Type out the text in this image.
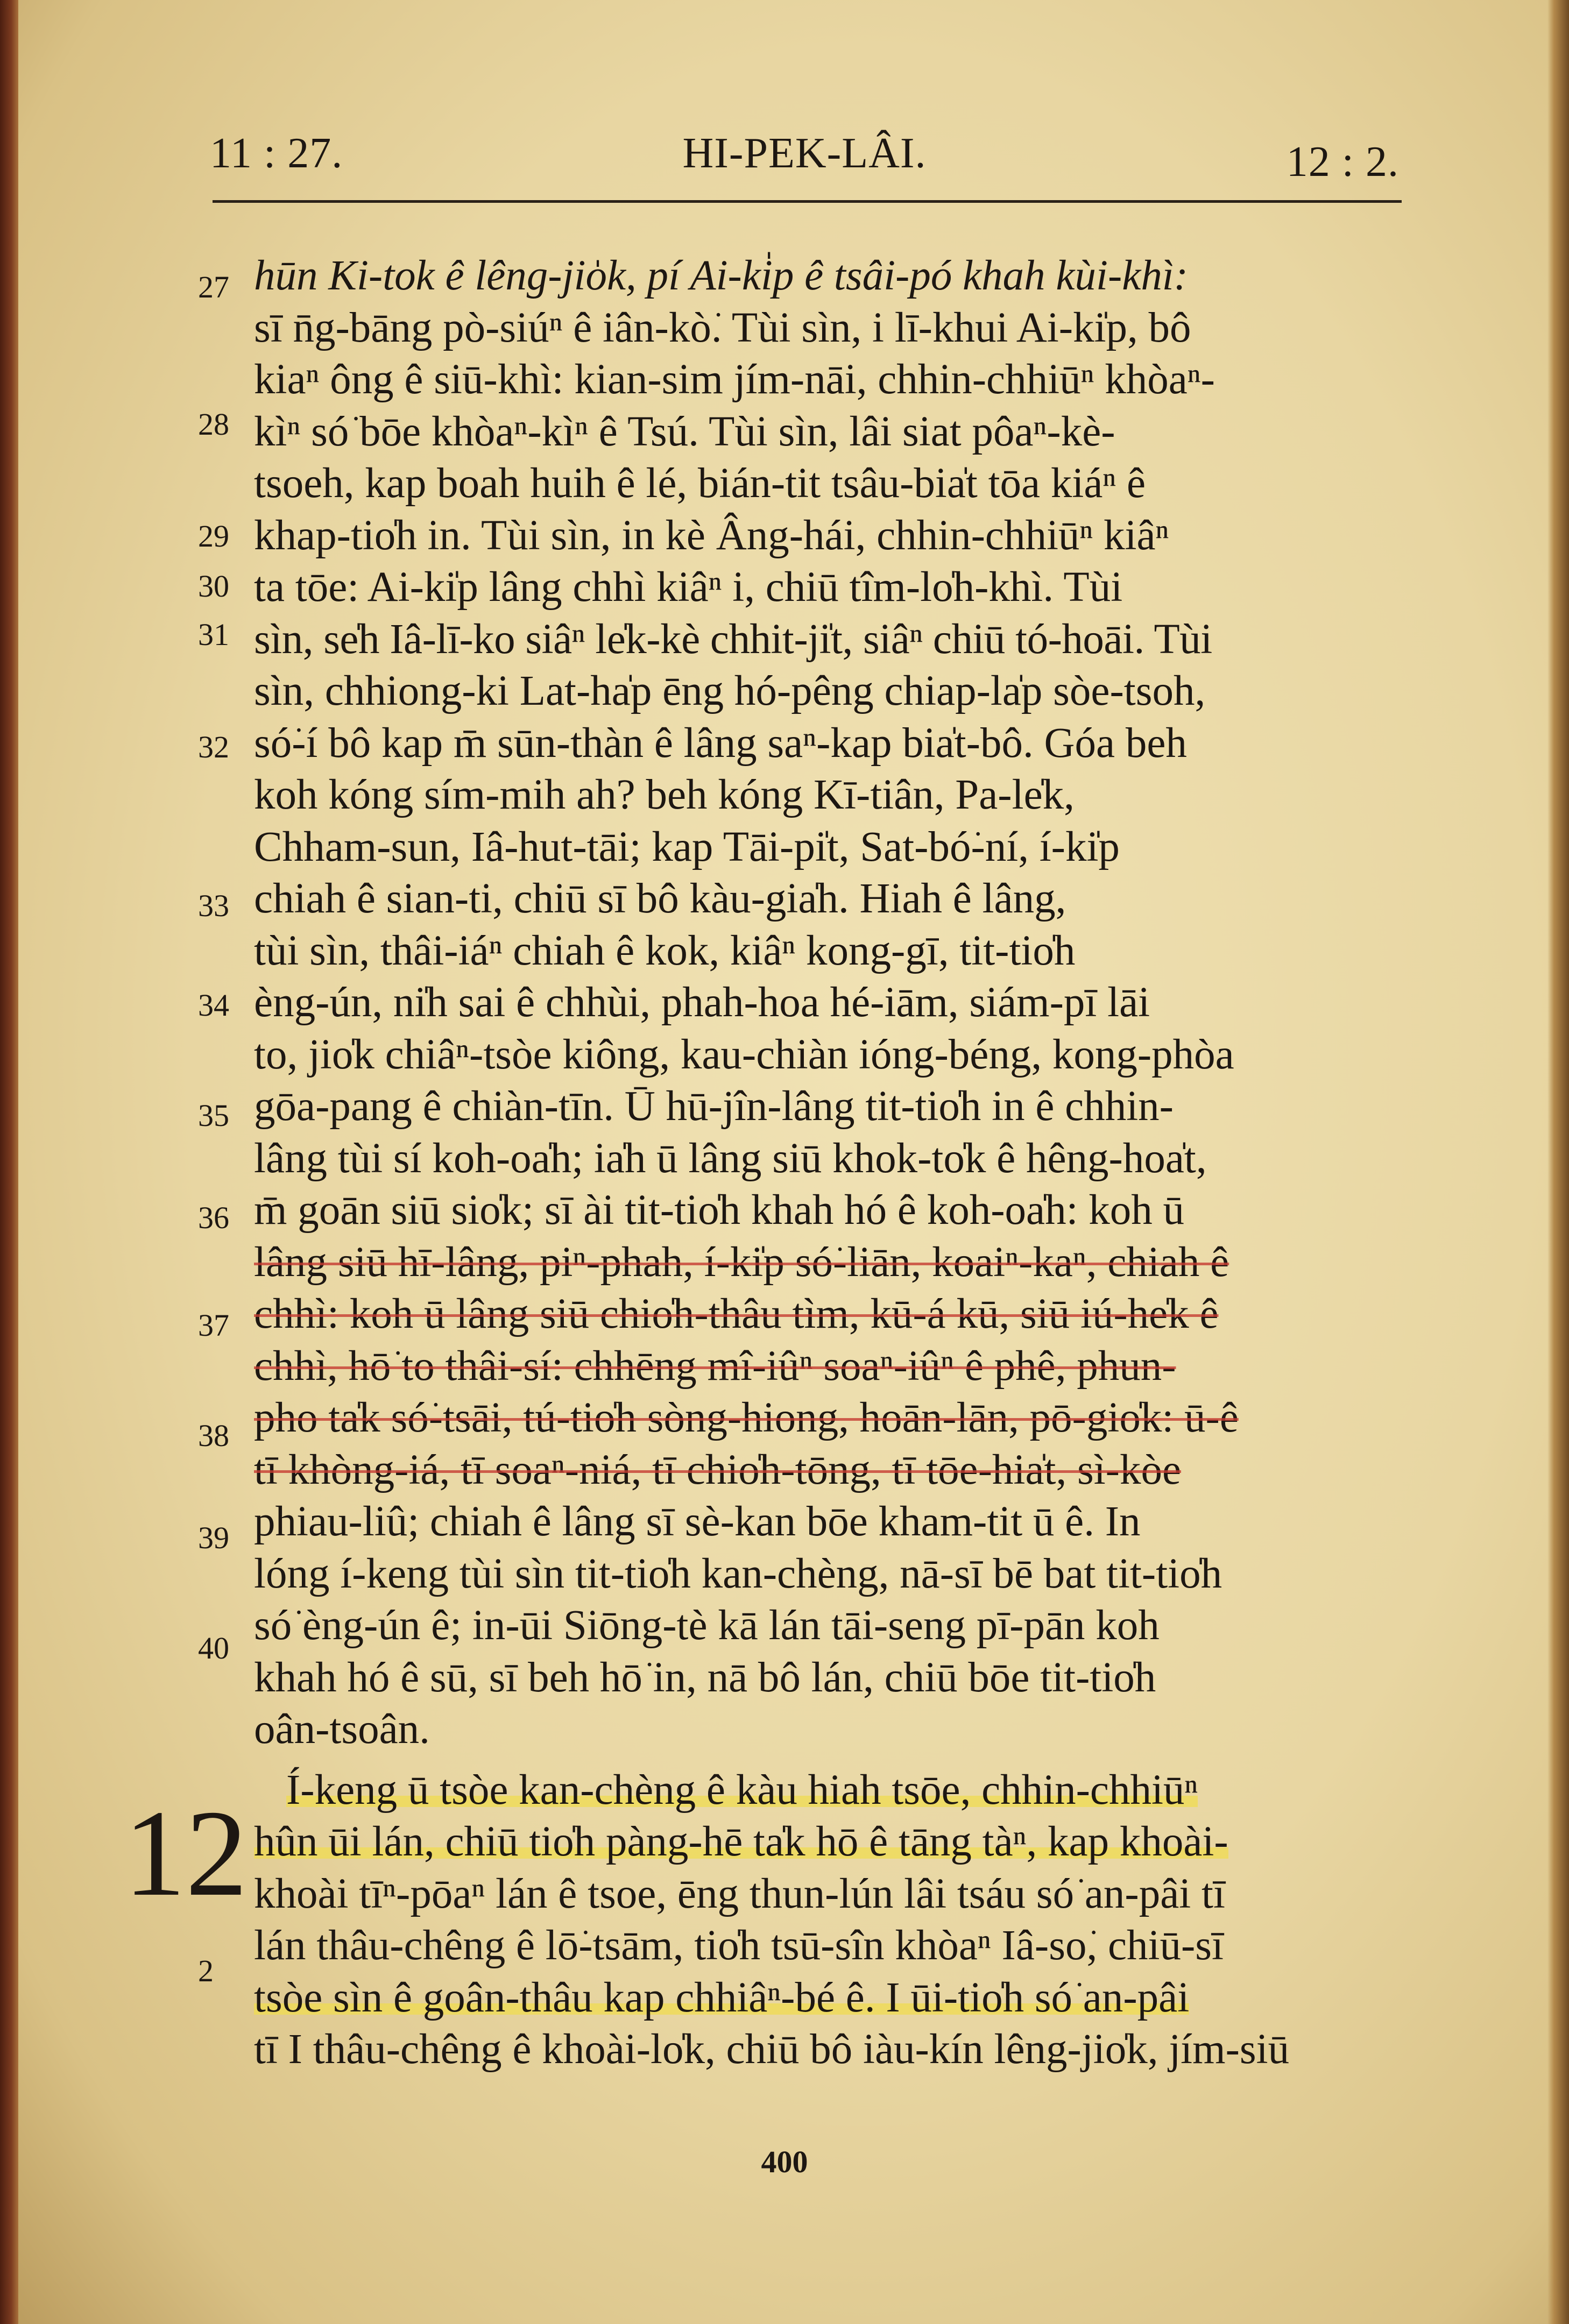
11 : 27.	HI-PEK-LÂI.	12 : 2.
27
28
29
30
31
32
33
34
35
36
37
38
39
40
2
12
hūn Ki-tok ê lêng-jio̍k, pí Ai-ki̍p ê tsâi-pó khah kùi-khì:
sī n̄g-bāng pò-siúⁿ ê iân-kò͘. Tùi sìn, i lī-khui Ai-ki̍p, bô
kiaⁿ ông ê siū-khì: kian-sim jím-nāi, chhin-chhiūⁿ khòaⁿ-
kìⁿ só͘ bōe khòaⁿ-kìⁿ ê Tsú. Tùi sìn, lâi siat pôaⁿ-kè-
tsoeh, kap boah huih ê lé, bián-tit tsâu-bia̍t tōa kiáⁿ ê
khap-tio̍h in. Tùi sìn, in kè Âng-hái, chhin-chhiūⁿ kiâⁿ
ta tōe: Ai-ki̍p lâng chhì kiâⁿ i, chiū tîm-lo̍h-khì. Tùi
sìn, se̍h Iâ-lī-ko siâⁿ le̍k-kè chhit-ji̍t, siâⁿ chiū tó-hoāi. Tùi
sìn, chhiong-ki Lat-ha̍p ēng hó-pêng chiap-la̍p sòe-tsoh,
só͘-í bô kap m̄ sūn-thàn ê lâng saⁿ-kap bia̍t-bô. Góa beh
koh kóng sím-mih ah? beh kóng Kī-tiân, Pa-le̍k,
Chham-sun, Iâ-hut-tāi; kap Tāi-pi̍t, Sat-bó͘-ní, í-ki̍p
chiah ê sian-ti, chiū sī bô kàu-gia̍h. Hiah ê lâng,
tùi sìn, thâi-iáⁿ chiah ê kok, kiâⁿ kong-gī, tit-tio̍h
èng-ún, ni̍h sai ê chhùi, phah-hoa hé-iām, siám-pī lāi
to, jio̍k chiâⁿ-tsòe kiông, kau-chiàn ióng-béng, kong-phòa
gōa-pang ê chiàn-tīn. Ū hū-jîn-lâng tit-tio̍h in ê chhin-
lâng tùi sí koh-oa̍h; ia̍h ū lâng siū khok-to̍k ê hêng-hoa̍t,
m̄ goān siū sio̍k; sī ài tit-tio̍h khah hó ê koh-oa̍h: koh ū
lâng siū hī-lâng, piⁿ-phah, í-ki̍p só͘-liān, koaiⁿ-kaⁿ, chiah ê
chhì: koh ū lâng siū chio̍h-thâu tìm, kū-á kū, siū iú-he̍k ê
chhì, hō͘ to thâi-sí: chhēng mî-iûⁿ soaⁿ-iûⁿ ê phê, phun-
pho ta̍k só͘-tsāi, tú-tio̍h sòng-hiong, hoān-lān, pō-gio̍k: ū-ê
tī khòng-iá, tī soaⁿ-niá, tī chio̍h-tōng, tī tōe-hia̍t, sì-kòe
phiau-liû; chiah ê lâng sī sè-kan bōe kham-tit ū ê. In
lóng í-keng tùi sìn tit-tio̍h kan-chèng, nā-sī bē bat tit-tio̍h
só͘ èng-ún ê; in-ūi Siōng-tè kā lán tāi-seng pī-pān koh
khah hó ê sū, sī beh hō͘ in, nā bô lán, chiū bōe tit-tio̍h
oân-tsoân.
Í-keng ū tsòe kan-chèng ê kàu hiah tsōe, chhin-chhiūⁿ
hûn ūi lán, chiū tio̍h pàng-hē ta̍k hō ê tāng tàⁿ, kap khoài-
khoài tīⁿ-pōaⁿ lán ê tsoe, ēng thun-lún lâi tsáu só͘ an-pâi tī
lán thâu-chêng ê lō͘-tsām, tio̍h tsū-sîn khòaⁿ Iâ-so͘, chiū-sī
tsòe sìn ê goân-thâu kap chhiâⁿ-bé ê. I ūi-tio̍h só͘ an-pâi
tī I thâu-chêng ê khoài-lo̍k, chiū bô iàu-kín lêng-jio̍k, jím-siū
400
